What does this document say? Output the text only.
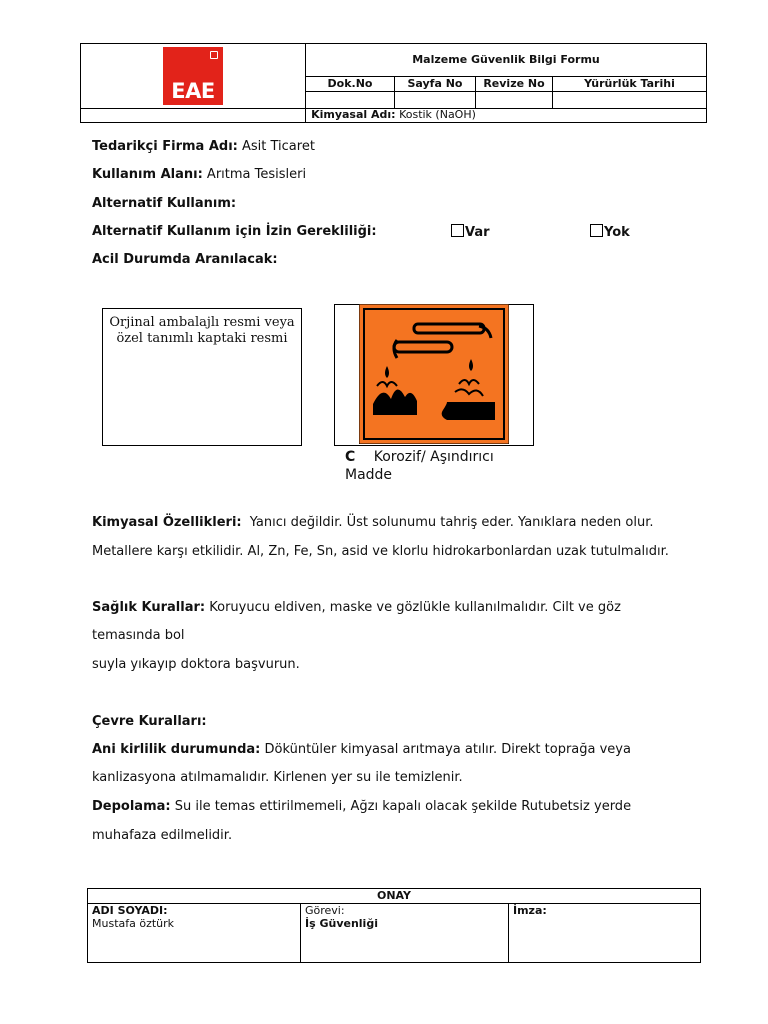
EAE
Malzeme Güvenlik Bilgi Formu
Dok.No	Sayfa No	Revize No	Yürürlük Tarihi
Kimyasal Adı: Kostik (NaOH)
Tedarikçi Firma Adı: Asit Ticaret
Kullanım Alanı: Arıtma Tesisleri
Alternatif Kullanım:
Alternatif Kullanım için İzin Gerekliliği:	Var	Yok
Acil Durumda Aranılacak:
Orjinal ambalajlı resmi veya özel tanımlı kaptaki resmi
C Korozif/ Aşındırıcı
Madde
Kimyasal Özellikleri: Yanıcı değildir. Üst solunumu tahriş eder. Yanıklara neden olur.
Metallere karşı etkilidir. Al, Zn, Fe, Sn, asid ve klorlu hidrokarbonlardan uzak tutulmalıdır.
Sağlık Kurallar: Koruyucu eldiven, maske ve gözlükle kullanılmalıdır. Cilt ve göz
temasında bol
suyla yıkayıp doktora başvurun.
Çevre Kuralları:
Ani kirlilik durumunda: Döküntüler kimyasal arıtmaya atılır. Direkt toprağa veya
kanlizasyona atılmamalıdır. Kirlenen yer su ile temizlenir.
Depolama: Su ile temas ettirilmemeli, Ağzı kapalı olacak şekilde Rutubetsiz yerde
muhafaza edilmelidir.
ONAY
ADI SOYADI:
Mustafa öztürk
Görevi:
İş Güvenliği
İmza:
